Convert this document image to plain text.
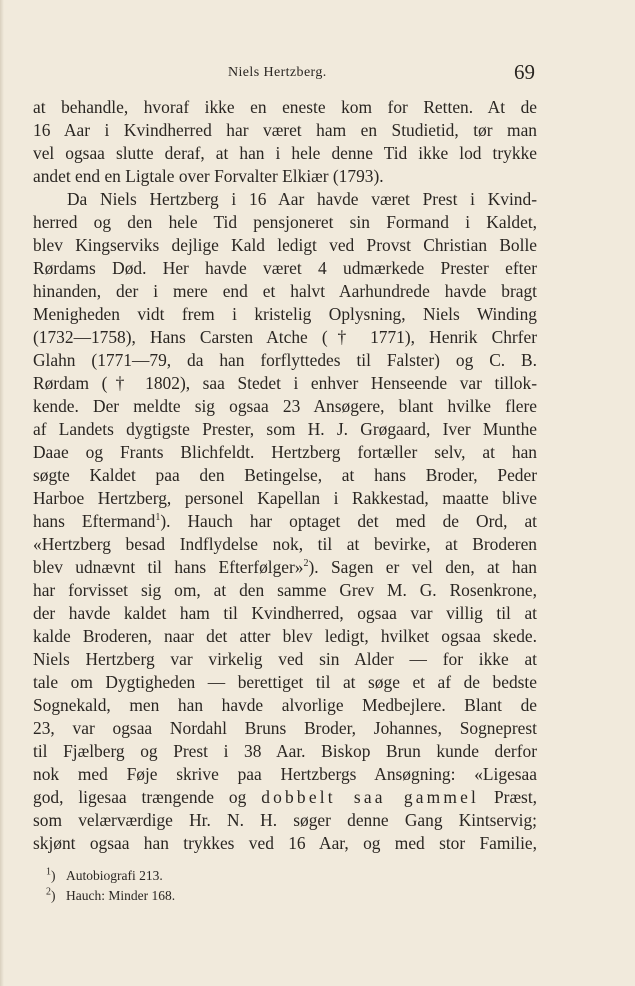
Niels Hertzberg.	69
at behandle, hvoraf ikke en eneste kom for Retten. At de
16 Aar i Kvindherred har været ham en Studietid, tør man
vel ogsaa slutte deraf, at han i hele denne Tid ikke lod trykke
andet end en Ligtale over Forvalter Elkiær (1793).
Da Niels Hertzberg i 16 Aar havde været Prest i Kvind-
herred og den hele Tid pensjoneret sin Formand i Kaldet,
blev Kingserviks dejlige Kald ledigt ved Provst Christian Bolle
Rørdams Død. Her havde været 4 udmærkede Prester efter
hinanden, der i mere end et halvt Aarhundrede havde bragt
Menigheden vidt frem i kristelig Oplysning, Niels Winding
(1732—1758), Hans Carsten Atche († 1771), Henrik Chrfer
Glahn (1771—79, da han forflyttedes til Falster) og C. B.
Rørdam († 1802), saa Stedet i enhver Henseende var tillok-
kende. Der meldte sig ogsaa 23 Ansøgere, blant hvilke flere
af Landets dygtigste Prester, som H. J. Grøgaard, Iver Munthe
Daae og Frants Blichfeldt. Hertzberg fortæller selv, at han
søgte Kaldet paa den Betingelse, at hans Broder, Peder
Harboe Hertzberg, personel Kapellan i Rakkestad, maatte blive
hans Eftermand$^1$). Hauch har optaget det med de Ord, at
«Hertzberg besad Indflydelse nok, til at bevirke, at Broderen
blev udnævnt til hans Efterfølger»$^2$). Sagen er vel den, at han
har forvisset sig om, at den samme Grev M. G. Rosenkrone,
der havde kaldet ham til Kvindherred, ogsaa var villig til at
kalde Broderen, naar det atter blev ledigt, hvilket ogsaa skede.
Niels Hertzberg var virkelig ved sin Alder — for ikke at
tale om Dygtigheden — berettiget til at søge et af de bedste
Sognekald, men han havde alvorlige Medbejlere. Blant de
23, var ogsaa Nordahl Bruns Broder, Johannes, Sogneprest
til Fjælberg og Prest i 38 Aar. Biskop Brun kunde derfor
nok med Føje skrive paa Hertzbergs Ansøgning: «Ligesaa
god, ligesaa trængende og dobbelt saa gammel Præst,
som velærværdige Hr. N. H. søger denne Gang Kintservig;
skjønt ogsaa han trykkes ved 16 Aar, og med stor Familie,
$^1$) Autobiografi 213.
$^2$) Hauch: Minder 168.
